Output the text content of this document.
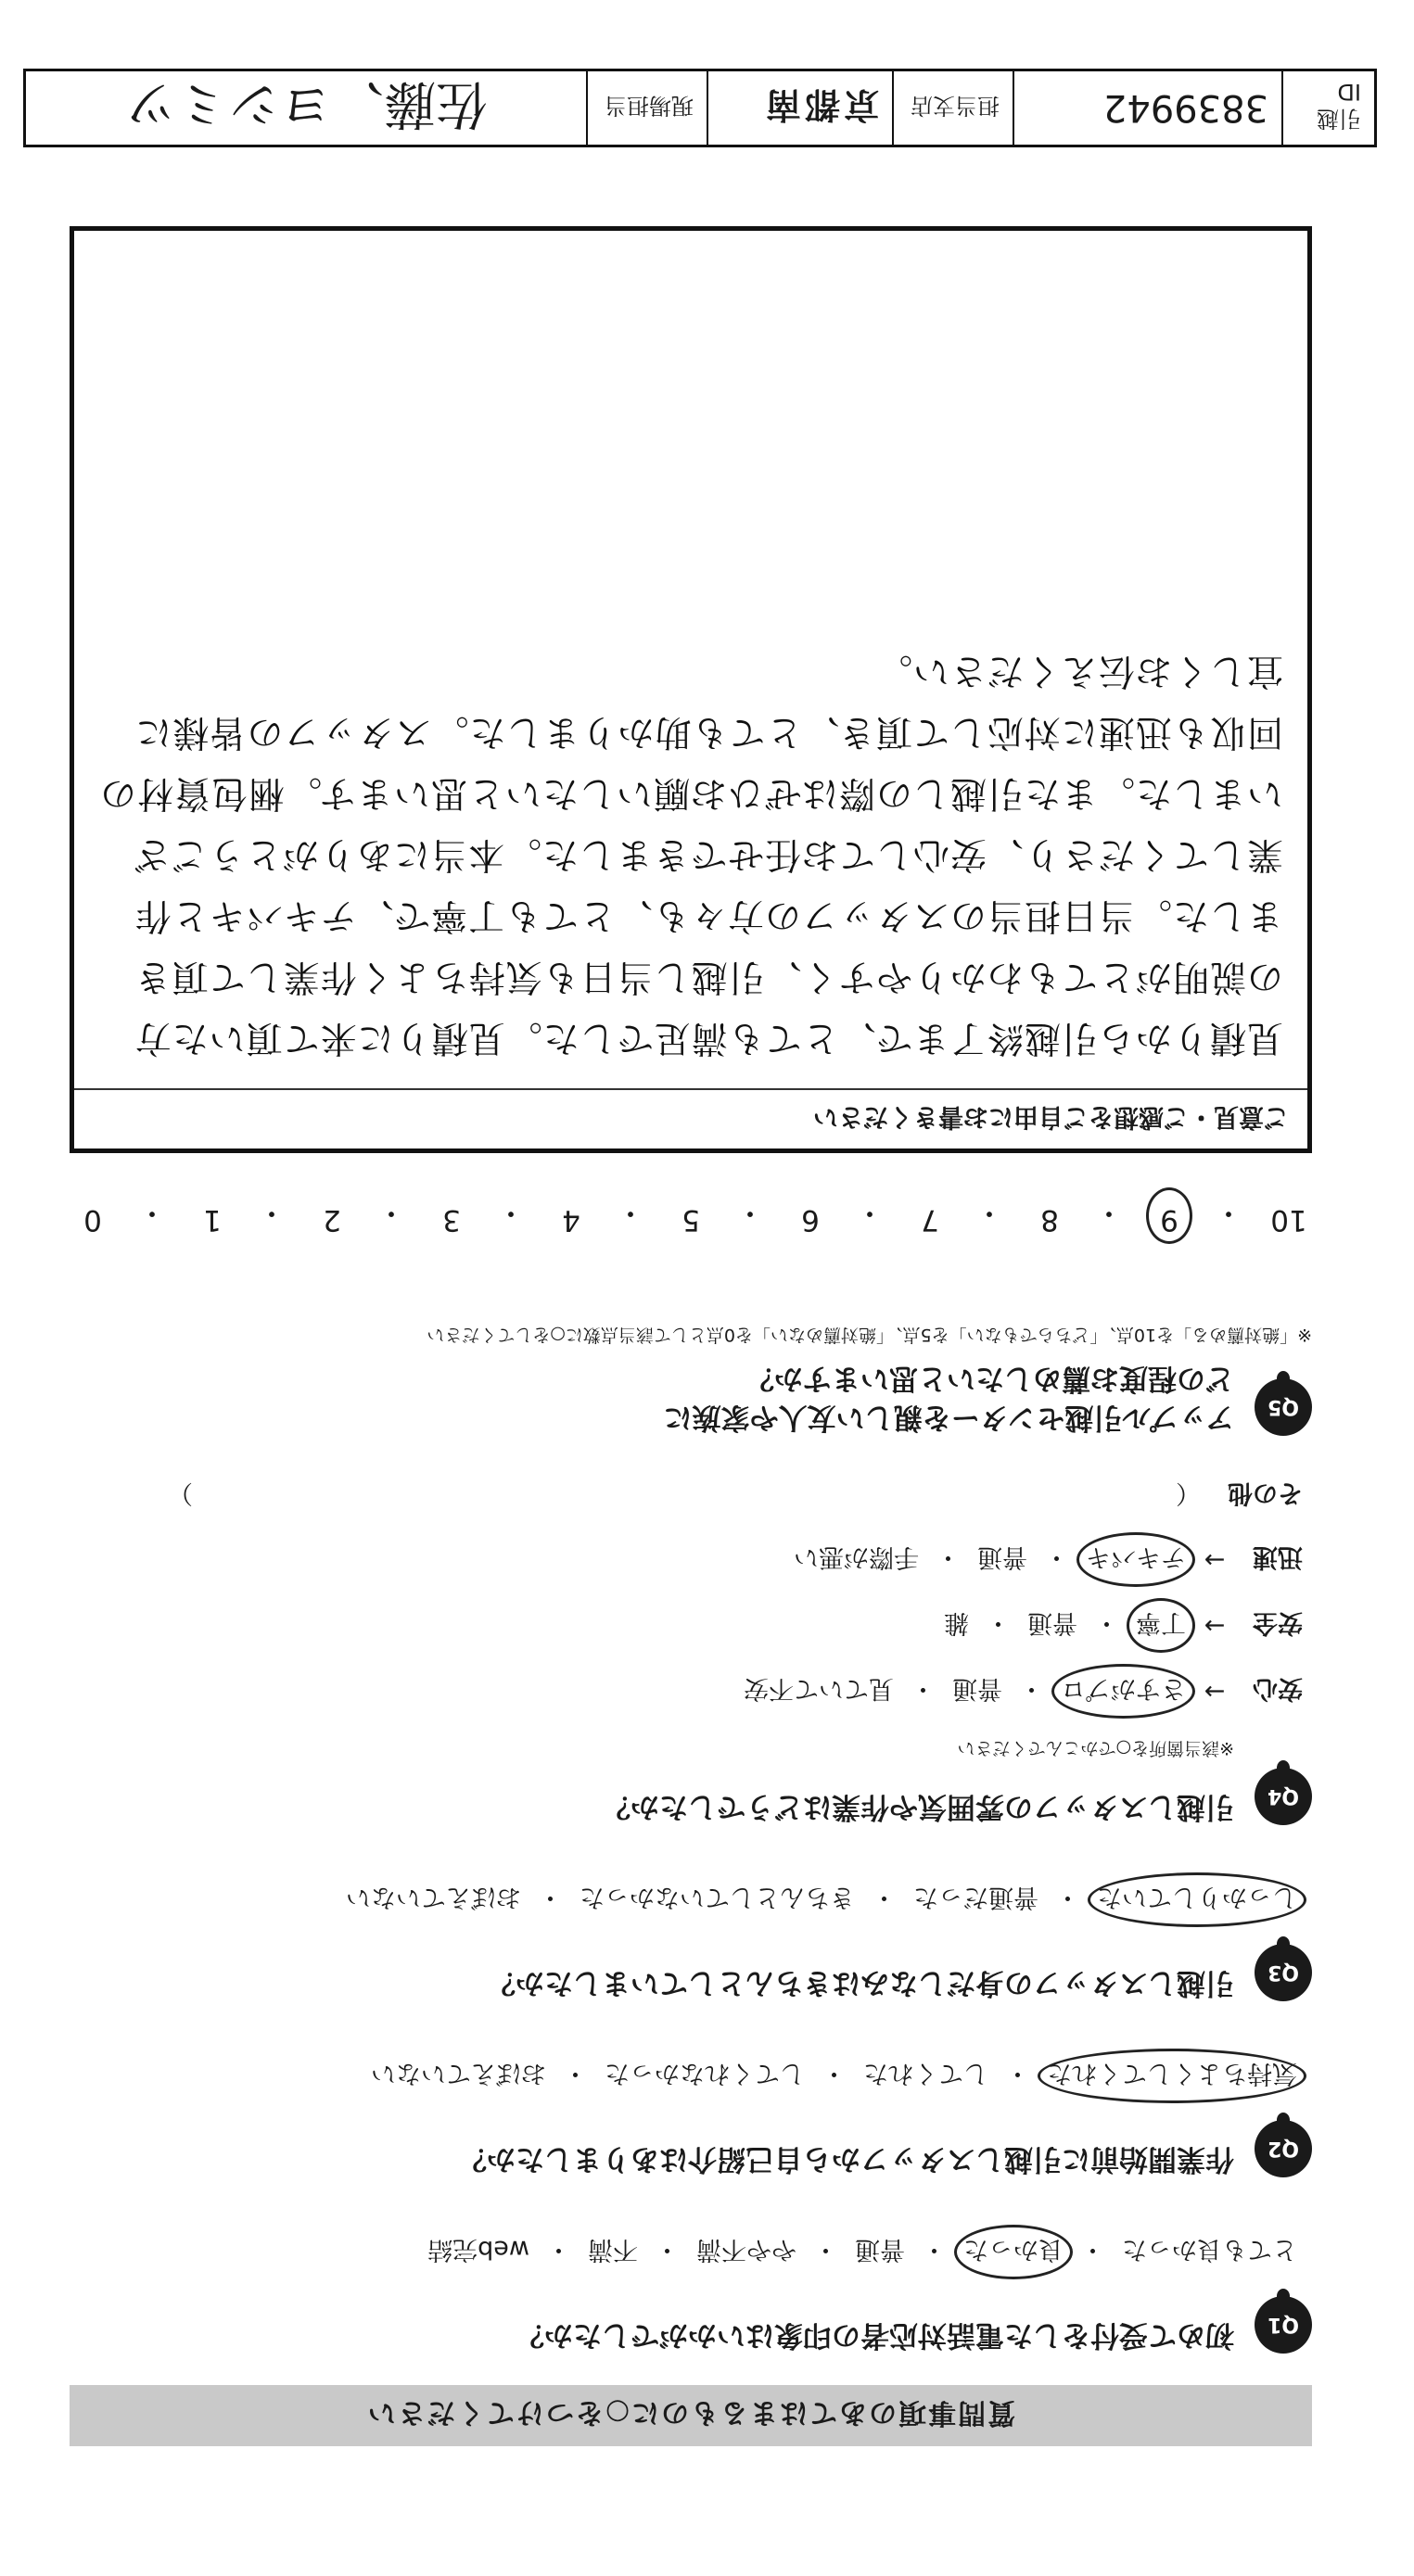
質問事項のあてはまるものに○をつけてください
Q1
初めて受付をした電話対応者の印象はいかがでしたか？
とても良かった
・
良かった
・
普通
・
やや不満
・
不満
・
web完結
Q2
作業開始前に引越しスタッフから自己紹介はありましたか？
気持ちよくしてくれた
・
してくれた
・
してくれなかった
・
おぼえていない
Q3
引越しスタッフの身だしなみはきちんとしていましたか？
しっかりしていた
・
普通だった
・
きちんとしていなかった
・
おぼえていない
Q4
引越しスタッフの雰囲気や作業はどうでしたか？
※該当箇所を○でかこんでください
安心
→
さすがプロ
・
普通
・
見ていて不安
安全
→
丁寧
・
普通
・
雑
迅速
→
テキパキ
・
普通
・
手際が悪い
その他
（
）
Q5
アップル引越センターを親しい友人や家族に
どの程度お薦めしたいと思いますか？
※「絶対薦める」を10点、「どちらでもない」を5点、「絶対薦めない」を0点として該当点数に○をしてください
10
・
9
・
8
・
7
・
6
・
5
・
4
・
3
・
2
・
1
・
0
ご意見・ご感想をご自由にお書きください

見積りから引越終了まで、とても満足でした。見積りに来て頂いた方の説明がとてもわかりやすく、引越し当日も気持ちよく作業して頂きました。当日担当のスタッフの方々も、とても丁寧で、テキパキと作業してくださり、安心してお任せできました。本当にありがとうございました。また引越しの際はぜひお願いしたいと思います。梱包資材の回収も迅速に対応して頂き、とても助かりました。スタッフの皆様に宜しくお伝えください。

引越ID
3839942
担当支店
京都南
現場担当
佐藤、ヨシミツ
